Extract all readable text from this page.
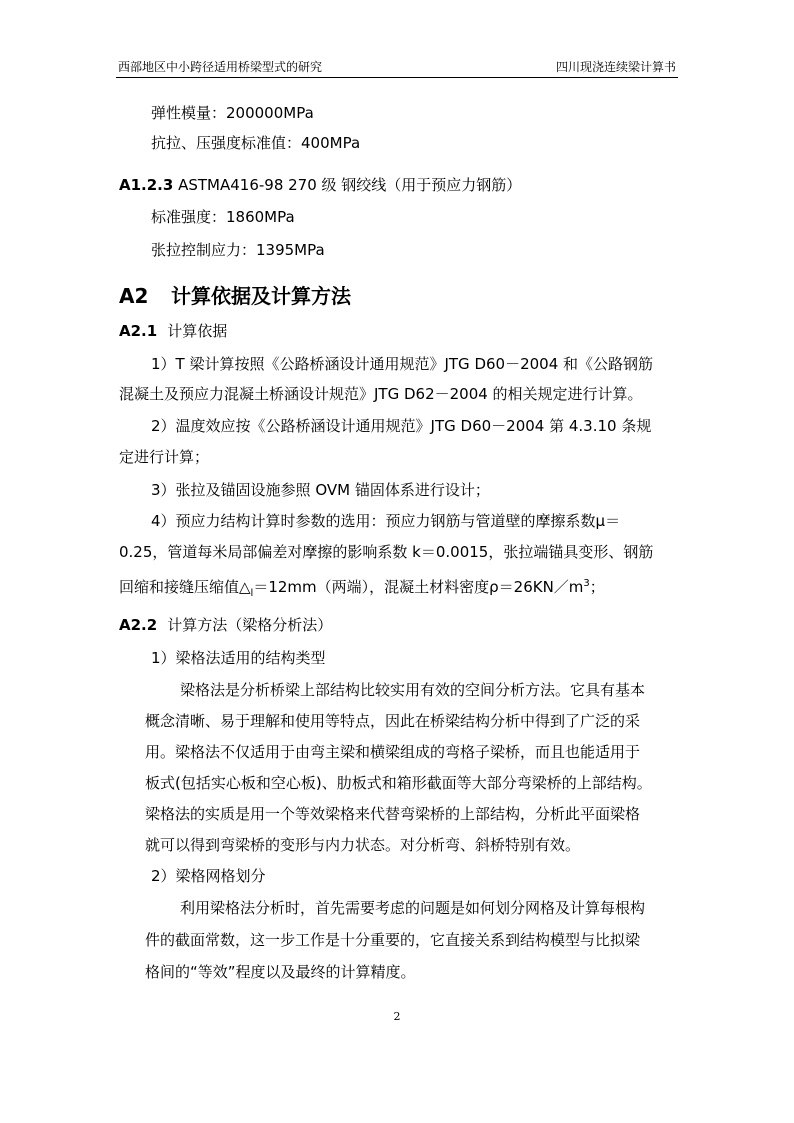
西部地区中小跨径适用桥梁型式的研究	四川现浇连续梁计算书
弹性模量：200000MPa
抗拉、压强度标准值：400MPa
A1.2.3 ASTMA416-98 270 级 钢绞线（用于预应力钢筋）
标准强度：1860MPa
张拉控制应力：1395MPa
A2 计算依据及计算方法
A2.1 计算依据
1）T 梁计算按照《公路桥涵设计通用规范》JTG D60－2004 和《公路钢筋
混凝土及预应力混凝土桥涵设计规范》JTG D62－2004 的相关规定进行计算。
2）温度效应按《公路桥涵设计通用规范》JTG D60－2004 第 4.3.10 条规
定进行计算；
3）张拉及锚固设施参照 OVM 锚固体系进行设计；
4）预应力结构计算时参数的选用：预应力钢筋与管道壁的摩擦系数μ＝
0.25，管道每米局部偏差对摩擦的影响系数 k＝0.0015，张拉端锚具变形、钢筋
回缩和接缝压缩值$\triangle_l=12mm$（两端），混凝土材料密度$\rho=26KN/m^3$；
A2.2 计算方法（梁格分析法）
1）梁格法适用的结构类型
梁格法是分析桥梁上部结构比较实用有效的空间分析方法。它具有基本
概念清晰、易于理解和使用等特点，因此在桥梁结构分析中得到了广泛的采
用。梁格法不仅适用于由弯主梁和横梁组成的弯格子梁桥，而且也能适用于
板式(包括实心板和空心板)、肋板式和箱形截面等大部分弯梁桥的上部结构。
梁格法的实质是用一个等效梁格来代替弯梁桥的上部结构，分析此平面梁格
就可以得到弯梁桥的变形与内力状态。对分析弯、斜桥特别有效。
2）梁格网格划分
利用梁格法分析时，首先需要考虑的问题是如何划分网格及计算每根构
件的截面常数，这一步工作是十分重要的，它直接关系到结构模型与比拟梁
格间的“等效”程度以及最终的计算精度。
2
